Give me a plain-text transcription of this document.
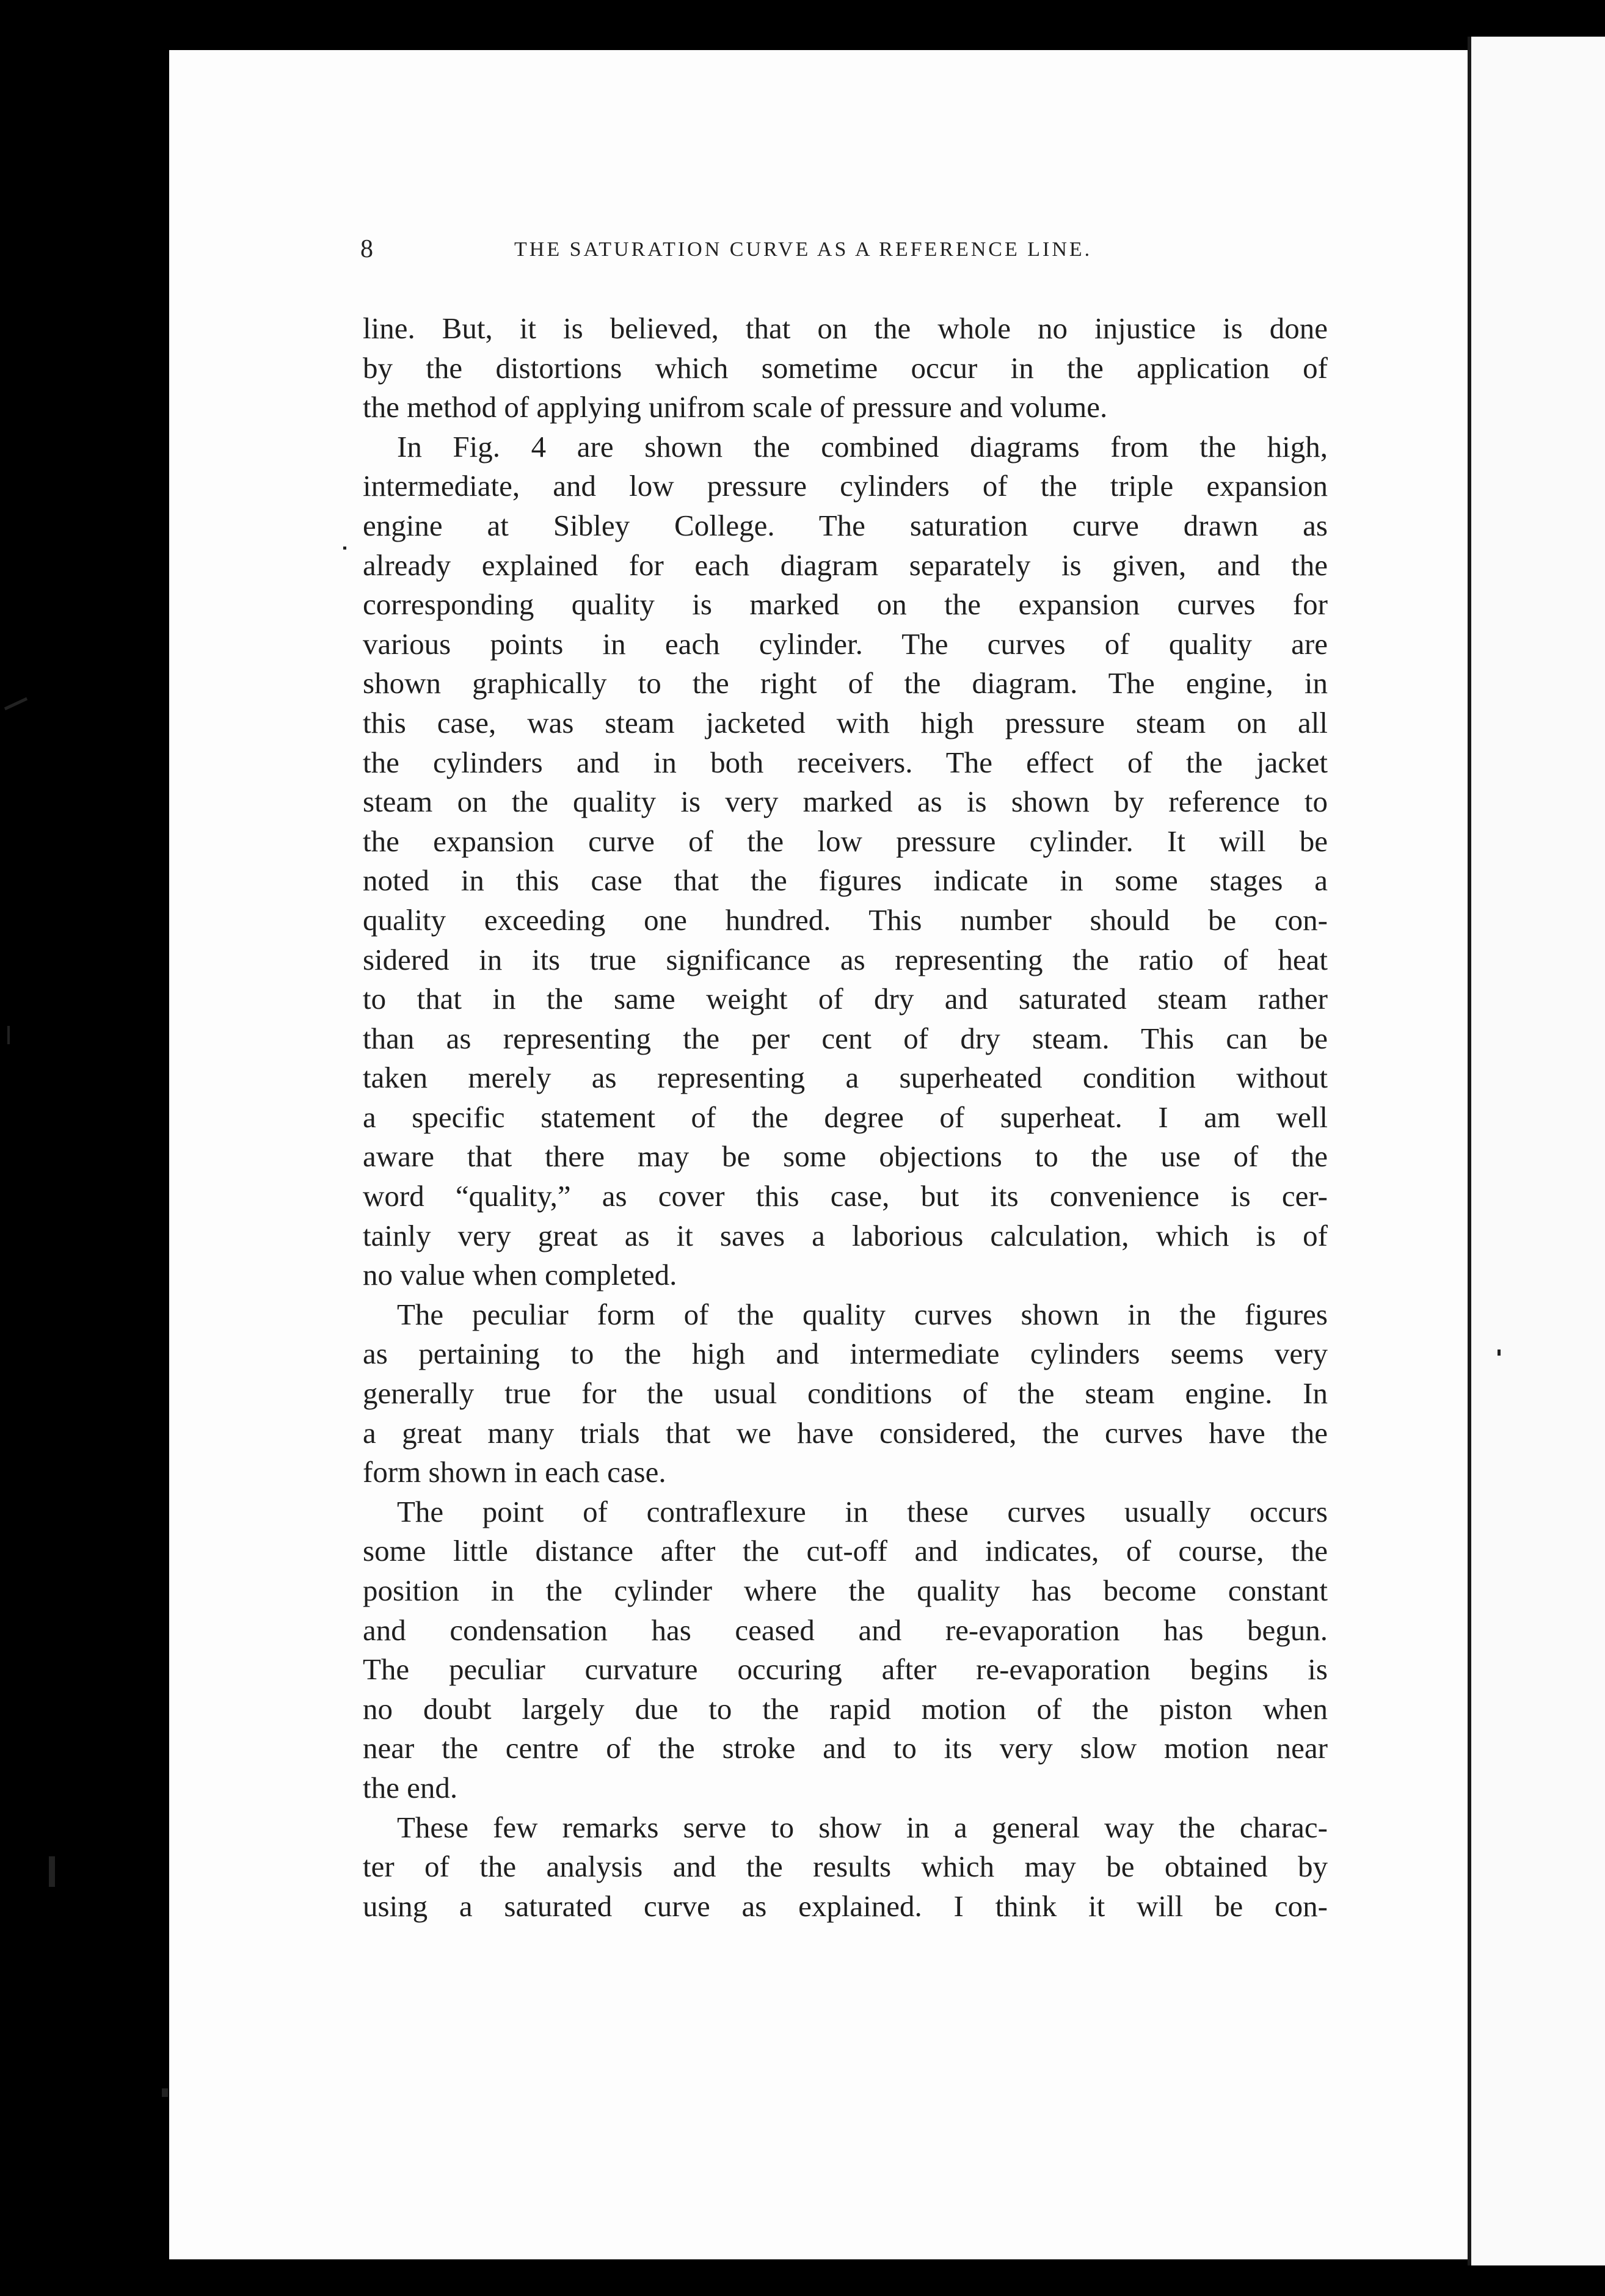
8	THE SATURATION CURVE AS A REFERENCE LINE.

line. But, it is believed, that on the whole no injustice is done
by the distortions which sometime occur in the application of
the method of applying unifrom scale of pressure and volume.

In Fig. 4 are shown the combined diagrams from the high,
intermediate, and low pressure cylinders of the triple expansion
engine at Sibley College. The saturation curve drawn as
already explained for each diagram separately is given, and the
corresponding quality is marked on the expansion curves for
various points in each cylinder. The curves of quality are
shown graphically to the right of the diagram. The engine, in
this case, was steam jacketed with high pressure steam on all
the cylinders and in both receivers. The effect of the jacket
steam on the quality is very marked as is shown by reference to
the expansion curve of the low pressure cylinder. It will be
noted in this case that the figures indicate in some stages a
quality exceeding one hundred. This number should be con-
sidered in its true significance as representing the ratio of heat
to that in the same weight of dry and saturated steam rather
than as representing the per cent of dry steam. This can be
taken merely as representing a superheated condition without
a specific statement of the degree of superheat. I am well
aware that there may be some objections to the use of the
word “quality,” as cover this case, but its convenience is cer-
tainly very great as it saves a laborious calculation, which is of
no value when completed.

The peculiar form of the quality curves shown in the figures
as pertaining to the high and intermediate cylinders seems very
generally true for the usual conditions of the steam engine. In
a great many trials that we have considered, the curves have the
form shown in each case.

The point of contraflexure in these curves usually occurs
some little distance after the cut-off and indicates, of course, the
position in the cylinder where the quality has become constant
and condensation has ceased and re-evaporation has begun.
The peculiar curvature occuring after re-evaporation begins is
no doubt largely due to the rapid motion of the piston when
near the centre of the stroke and to its very slow motion near
the end.

These few remarks serve to show in a general way the charac-
ter of the analysis and the results which may be obtained by
using a saturated curve as explained. I think it will be con-
